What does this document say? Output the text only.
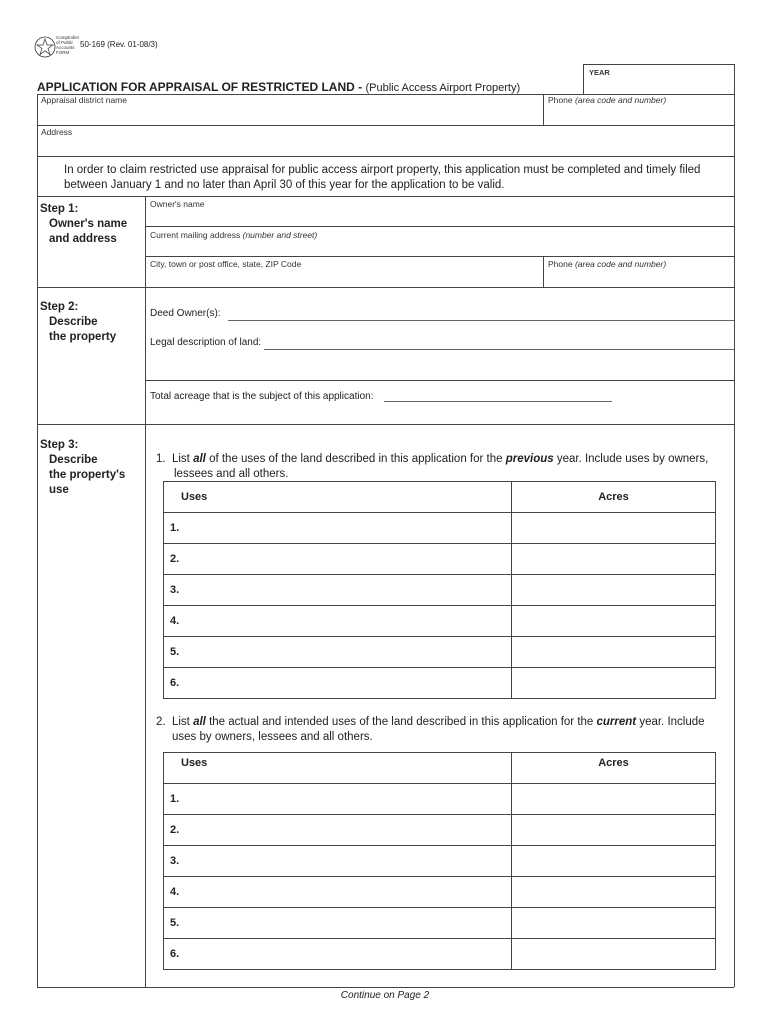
Comptroller
of Public
Accounts
FORM
50-169 (Rev. 01-08/3)
YEAR
APPLICATION FOR APPRAISAL OF RESTRICTED LAND - (Public Access Airport Property)
Appraisal district name	Phone (area code and number)
Address
In order to claim restricted use appraisal for public access airport property, this application must be completed and timely filed
between January 1 and no later than April 30 of this year for the application to be valid.
Step 1:
Owner's name
and address
Owner's name
Current mailing address (number and street)
City, town or post office, state, ZIP Code	Phone (area code and number)
Step 2:
Describe
the property
Deed Owner(s):
Legal description of land:
Total acreage that is the subject of this application:
Step 3:
Describe
the property's
use
1. List all of the uses of the land described in this application for the previous year. Include uses by owners,
lessees and all others.
Uses	Acres
1.	
2.	
3.	
4.	
5.	
6.	
2. List all the actual and intended uses of the land described in this application for the current year. Include
uses by owners, lessees and all others.
Uses	Acres
1.	
2.	
3.	
4.	
5.	
6.	
Continue on Page 2
